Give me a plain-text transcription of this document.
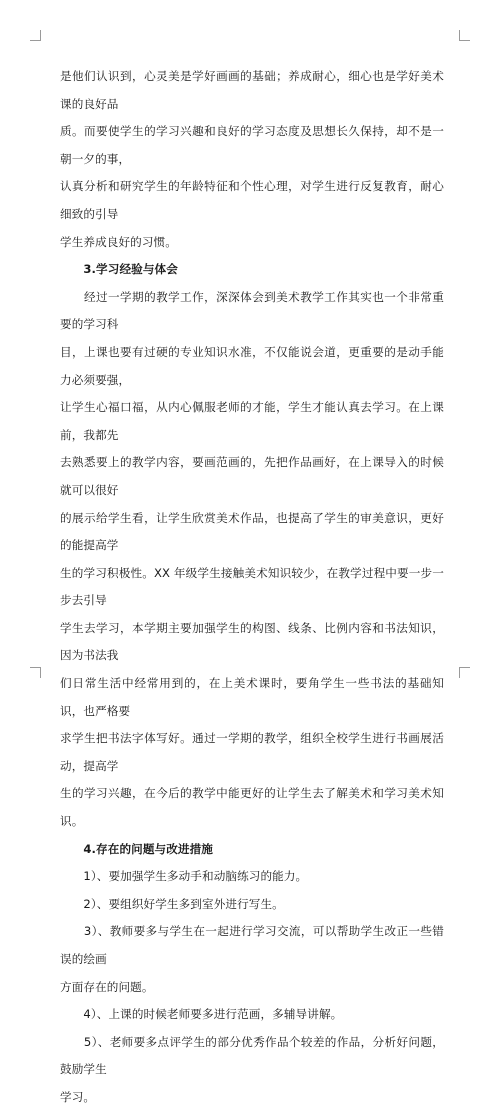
是他们认识到，心灵美是学好画画的基础；养成耐心，细心也是学好美术课的良好品
质。而要使学生的学习兴趣和良好的学习态度及思想长久保持，却不是一朝一夕的事，
认真分析和研究学生的年龄特征和个性心理，对学生进行反复教育，耐心细致的引导
学生养成良好的习惯。

　　3.学习经验与体会

　　经过一学期的教学工作，深深体会到美术教学工作其实也一个非常重要的学习科
目，上课也要有过硬的专业知识水准，不仅能说会道，更重要的是动手能力必须要强，
让学生心福口福，从内心佩服老师的才能，学生才能认真去学习。在上课前，我都先
去熟悉要上的教学内容，要画范画的，先把作品画好，在上课导入的时候就可以很好
的展示给学生看，让学生欣赏美术作品，也提高了学生的审美意识，更好的能提高学
生的学习积极性。XX 年级学生接触美术知识较少，在教学过程中要一步一步去引导
学生去学习，本学期主要加强学生的构图、线条、比例内容和书法知识，因为书法我
们日常生活中经常用到的，在上美术课时，要角学生一些书法的基础知识，也严格要
求学生把书法字体写好。通过一学期的教学，组织全校学生进行书画展活动，提高学
生的学习兴趣，在今后的教学中能更好的让学生去了解美术和学习美术知识。

　　4.存在的问题与改进措施

　　1）、要加强学生多动手和动脑练习的能力。

　　2）、要组织好学生多到室外进行写生。

　　3）、教师要多与学生在一起进行学习交流，可以帮助学生改正一些错误的绘画
方面存在的问题。

　　4）、上课的时候老师要多进行范画，多辅导讲解。

　　5）、老师要多点评学生的部分优秀作品个较差的作品，分析好问题，鼓励学生
学习。
